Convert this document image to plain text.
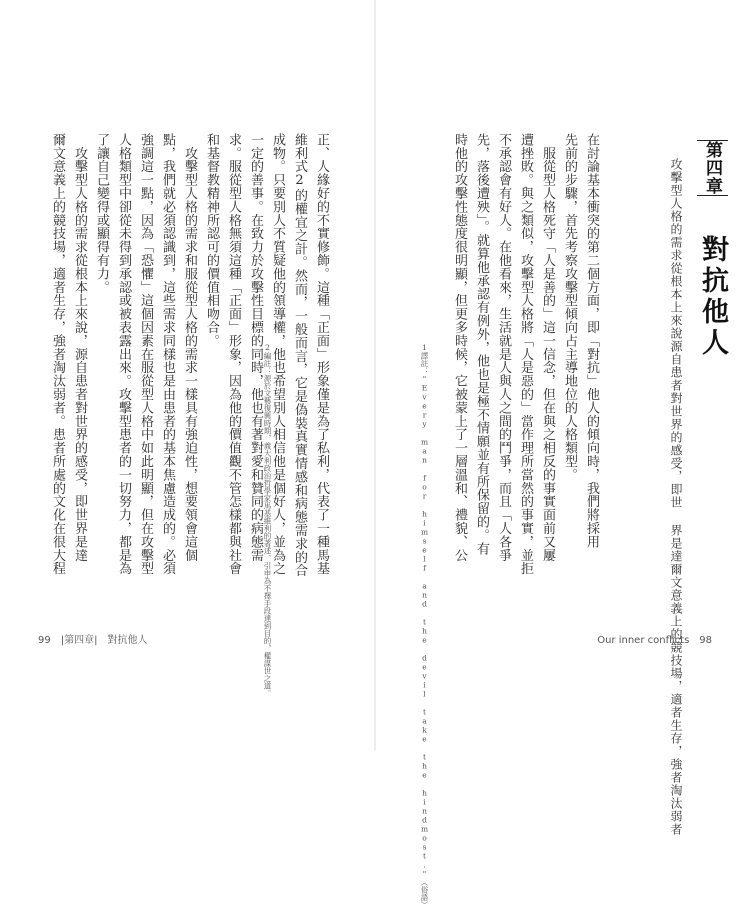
第四章
對抗他人
攻擊型人格的需求從根本上來說源自患者對世界的感受，即世 界是達爾文意義上的競技場，適者生存，強者淘汰弱者
在討論基本衝突的第二個方面，即「對抗」他人的傾向時，我們將採用
先前的步驟，首先考察攻擊型傾向占主導地位的人格類型。
　服從型人格死守「人是善的」這一信念，但在與之相反的事實面前又屢
遭挫敗。與之類似，攻擊型人格將「人是惡的」當作理所當然的事實，並拒
不承認會有好人。在他看來，生活就是人與人之間的鬥爭，而且「人各爭
先，落後遭殃」。就算他承認有例外，他也是極不情願並有所保留的。有
時他的攻擊性態度很明顯，但更多時候，它被蒙上了一層溫和、禮貌、公
1譯註："Every man for himself and the devil take the hindmost."（俗語）	Our inner conflicts　98
正、人緣好的不實修飾。這種「正面」形象僅是為了私利，代表了一種馬基
維利式2的權宜之計。然而，一般而言，它是偽裝真實情感和病態需求的合
成物。只要別人不質疑他的領導權，他也希望別人相信他是個好人，並為之
一定的善事。在致力於攻擊性目標的同時，他也有著對愛和贊同的病態需
求。服從型人格無須這種「正面」形象，因為他的價值觀不管怎樣都與社會
和基督教精神所認可的價值相吻合。
　攻擊型人格的需求和服從型人格的需求一樣具有強迫性，想要領會這個
點，我們就必須認識到，這些需求同樣也是由患者的基本焦慮造成的。必須
強調這一點，因為「恐懼」這個因素在服從型人格中如此明顯，但在攻擊型
人格類型中卻從未得到承認或被表露出來。攻擊型患者的一切努力，都是為
了讓自己變得或顯得有力。
　攻擊型人格的需求從根本上來說，源自患者對世界的感受，即世界是達
爾文意義上的競技場，適者生存，強者淘汰弱者。患者所處的文化在很大程	2編註：源於文藝復興時期，義大利政治哲學家馬基維利的著述，引申為不擇手段達到目的，權謀世之道。
99　|第四章|　對抗他人
